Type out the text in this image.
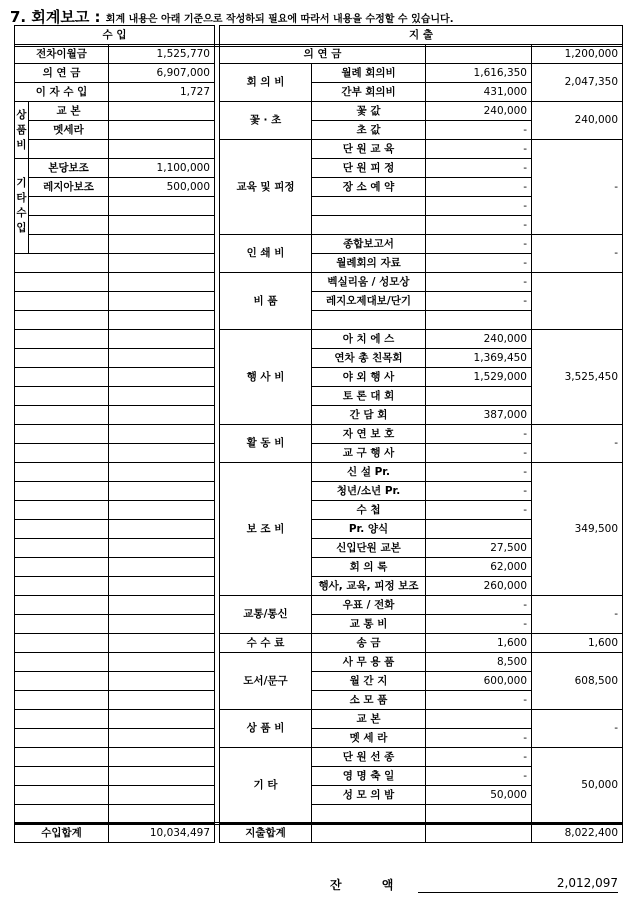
7. 회계보고 : 회계 내용은 아래 기준으로 작성하되 필요에 따라서 내용을 수정할 수 있습니다.
수 입		
전차이월금		1,525,770
의 연 금		6,907,000
이 자 수 입		1,727

상
품
비	교 본	
	멧세라	

기
타
수
입	본당보조	1,100,000
	레지아보조	500,000

수입합계		10,034,497
지 출			
의 연 금			1,200,000
회 의 비	월례 회의비	1,616,350	2,047,350
	간부 회의비	431,000	
꽃 · 초	꽃 값	240,000	240,000
	초 값	-	
교육 및 피정	단 원 교 육	-	-
	단 원 피 정	-	
	장 소 예 약	-	
		-	
		-	
인 쇄 비	종합보고서	-	-
	월례회의 자료	-	
비 품	벡실리움 / 성모상	-	
	레지오제대보/단기	-	

행 사 비	아 치 에 스	240,000	3,525,450
	연차 총 친목회	1,369,450	
	야 외 행 사	1,529,000	
	토 론 대 회		
	간 담 회	387,000	
활 동 비	자 연 보 호	-	-
	교 구 행 사	-	
보 조 비	신 설 Pr.	-	349,500
	청년/소년 Pr.	-	
	수 첩	-	
	Pr. 양식		
	신입단원 교본	27,500	
	회 의 록	62,000	
	행사, 교육, 피정 보조	260,000	
교통/통신	우표 / 전화	-	-
	교 통 비	-	
수 수 료	송 금	1,600	1,600
도서/문구	사 무 용 품	8,500	608,500
	월 간 지	600,000	
	소 모 품	-	
상 품 비	교 본		-
	멧 세 라	-	
기 타	단 원 선 종	-	50,000
	영 명 축 일	-	
	성 모 의 밤	50,000	

지출합계			8,022,400
잔 액	2,012,097
